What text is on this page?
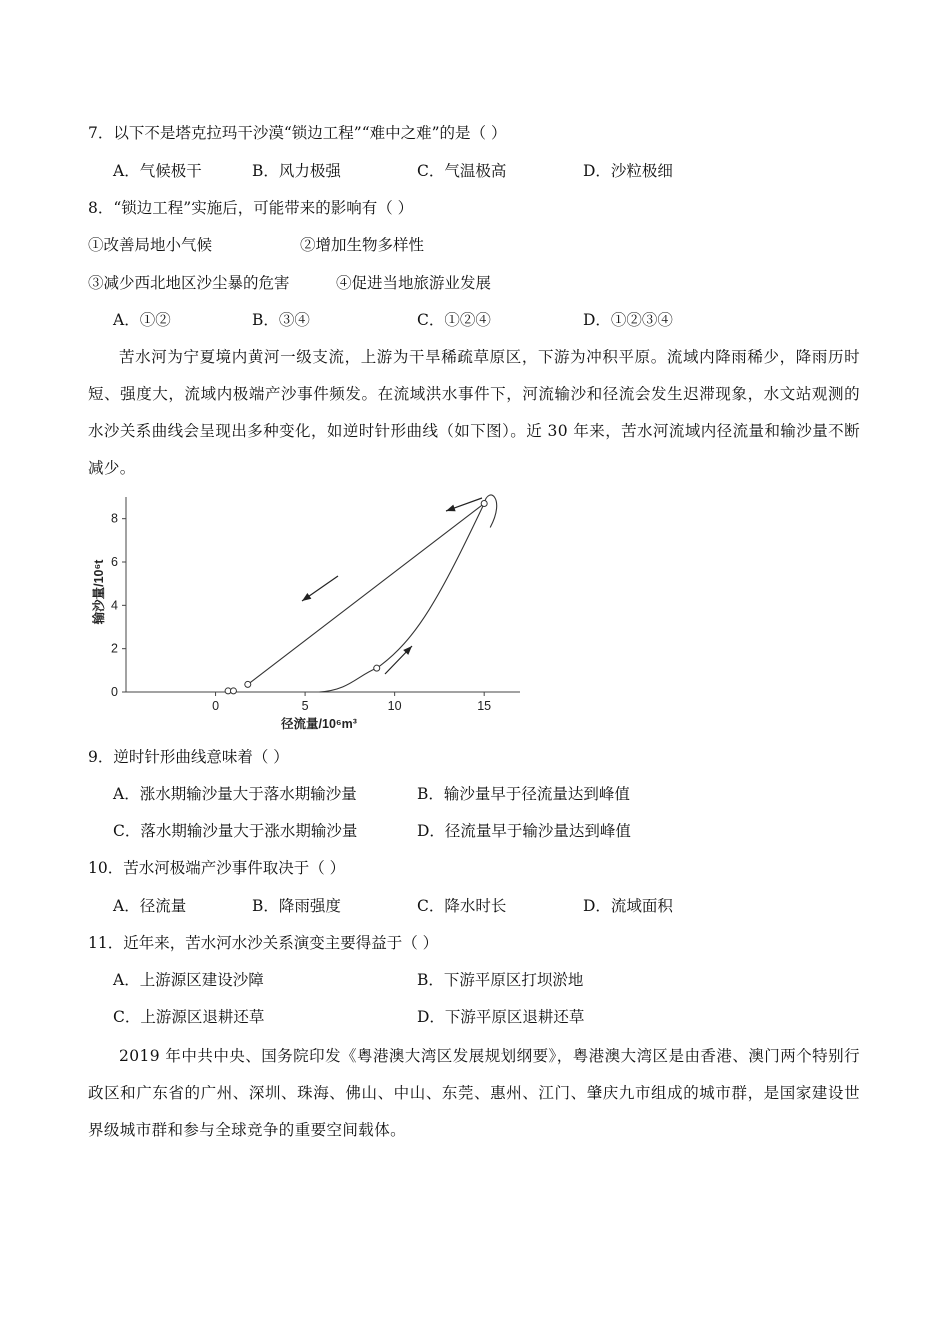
7．以下不是塔克拉玛干沙漠“锁边工程”“难中之难”的是（ ）
A．气候极干	B．风力极强	C．气温极高	D．沙粒极细
8．“锁边工程”实施后，可能带来的影响有（ ）
①改善局地小气候	②增加生物多样性
③减少西北地区沙尘暴的危害	④促进当地旅游业发展
A．①②	B．③④	C．①②④	D．①②③④

苦水河为宁夏境内黄河一级支流，上游为干旱稀疏草原区，下游为冲积平原。流域内降雨稀少，降雨历时短、强度大，流域内极端产沙事件频发。在流域洪水事件下，河流输沙和径流会发生迟滞现象，水文站观测的水沙关系曲线会呈现出多种变化，如逆时针形曲线（如下图）。近 30 年来，苦水河流域内径流量和输沙量不断减少。

0	5	10	15
0
2
4
6
8
输沙量/10⁶t
径流量/10⁶m³
9．逆时针形曲线意味着（ ）
A．涨水期输沙量大于落水期输沙量	B．输沙量早于径流量达到峰值
C．落水期输沙量大于涨水期输沙量	D．径流量早于输沙量达到峰值
10．苦水河极端产沙事件取决于（ ）
A．径流量	B．降雨强度	C．降水时长	D．流域面积
11．近年来，苦水河水沙关系演变主要得益于（ ）
A．上游源区建设沙障	B．下游平原区打坝淤地
C．上游源区退耕还草	D．下游平原区退耕还草

2019 年中共中央、国务院印发《粤港澳大湾区发展规划纲要》，粤港澳大湾区是由香港、澳门两个特别行政区和广东省的广州、深圳、珠海、佛山、中山、东莞、惠州、江门、肇庆九市组成的城市群，是国家建设世界级城市群和参与全球竞争的重要空间载体。
